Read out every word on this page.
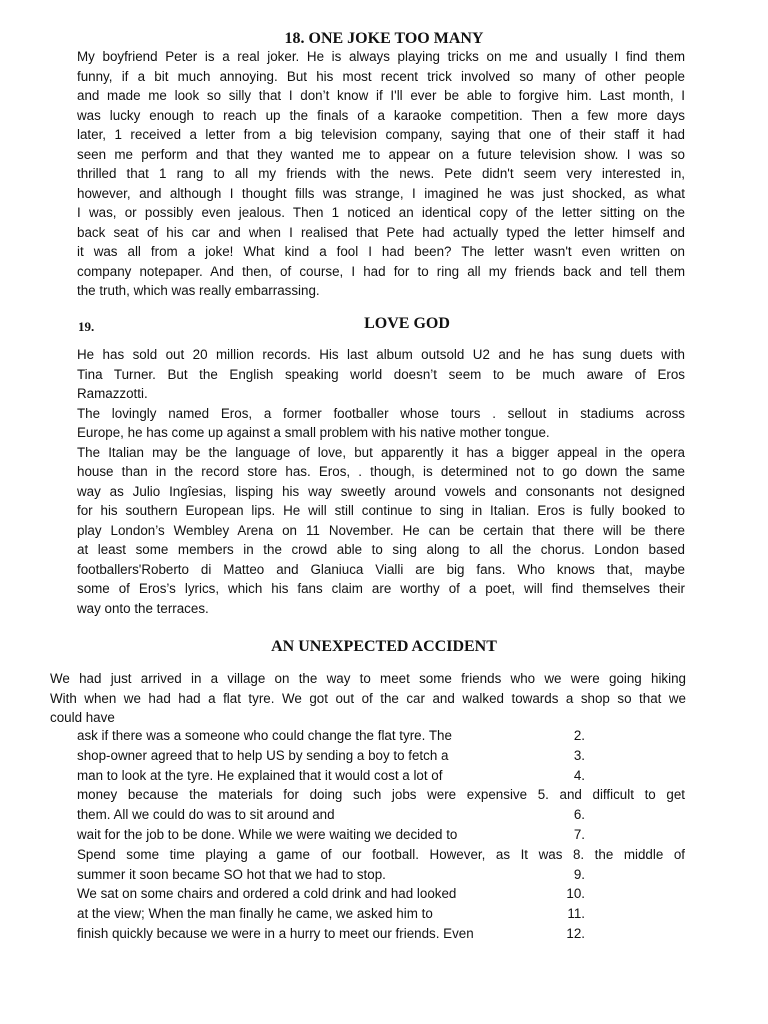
18. ONE JOKE TOO MANY
My boyfriend Peter is a real joker. He is always playing tricks on me and usually I find them
funny, if a bit much annoying. But his most recent trick involved so many of other people
and made me look so silly that I don’t know if I'll ever be able to forgive him. Last month, I
was lucky enough to reach up the finals of a karaoke competition. Then a few more days
later, 1 received a letter from a big television company, saying that one of their staff it had
seen me perform and that they wanted me to appear on a future television show. I was so
thrilled that 1 rang to all my friends with the news. Pete didn't seem very interested in,
however, and although I thought fills was strange, I imagined he was just shocked, as what
I was, or possibly even jealous. Then 1 noticed an identical copy of the letter sitting on the
back seat of his car and when I realised that Pete had actually typed the letter himself and
it was all from a joke! What kind a fool I had been? The letter wasn't even written on
company notepaper. And then, of course, I had for to ring all my friends back and tell them
the truth, which was really embarrassing.
19.	LOVE GOD
He has sold out 20 million records. His last album outsold U2 and he has sung duets with
Tina Turner. But the English speaking world doesn’t seem to be much aware of Eros
Ramazzotti.
The lovingly named Eros, a former footballer whose tours . sellout in stadiums across
Europe, he has come up against a small problem with his native mother tongue.
The Italian may be the language of love, but apparently it has a bigger appeal in the opera
house than in the record store has. Eros, . though, is determined not to go down the same
way as Julio Ingîesias, lisping his way sweetly around vowels and consonants not designed
for his southern European lips. He will still continue to sing in Italian. Eros is fully booked to
play London’s Wembley Arena on 11 November. He can be certain that there will be there
at least some members in the crowd able to sing along to all the chorus. London based
footballers'Roberto di Matteo and Glaniuca Vialli are big fans. Who knows that, maybe
some of Eros’s lyrics, which his fans claim are worthy of a poet, will find themselves their
way onto the terraces.
AN UNEXPECTED ACCIDENT
We had just arrived in a village on the way to meet some friends who we were going hiking
With when we had had a flat tyre. We got out of the car and walked towards a shop so that we
could have
ask if there was a someone who could change the flat tyre. The	2.
shop-owner agreed that to help US by sending a boy to fetch a	3.
man to look at the tyre. He explained that it would cost a lot of	4.
money because the materials for doing such jobs were expensive 5. and difficult to get
them. All we could do was to sit around and	6.
wait for the job to be done. While we were waiting we decided to	7.
Spend some time playing a game of our football. However, as It was 8. the middle of
summer it soon became SO hot that we had to stop.	9.
We sat on some chairs and ordered a cold drink and had looked	10.
at the view; When the man finally he came, we asked him to	11.
finish quickly because we were in a hurry to meet our friends. Even	12.
